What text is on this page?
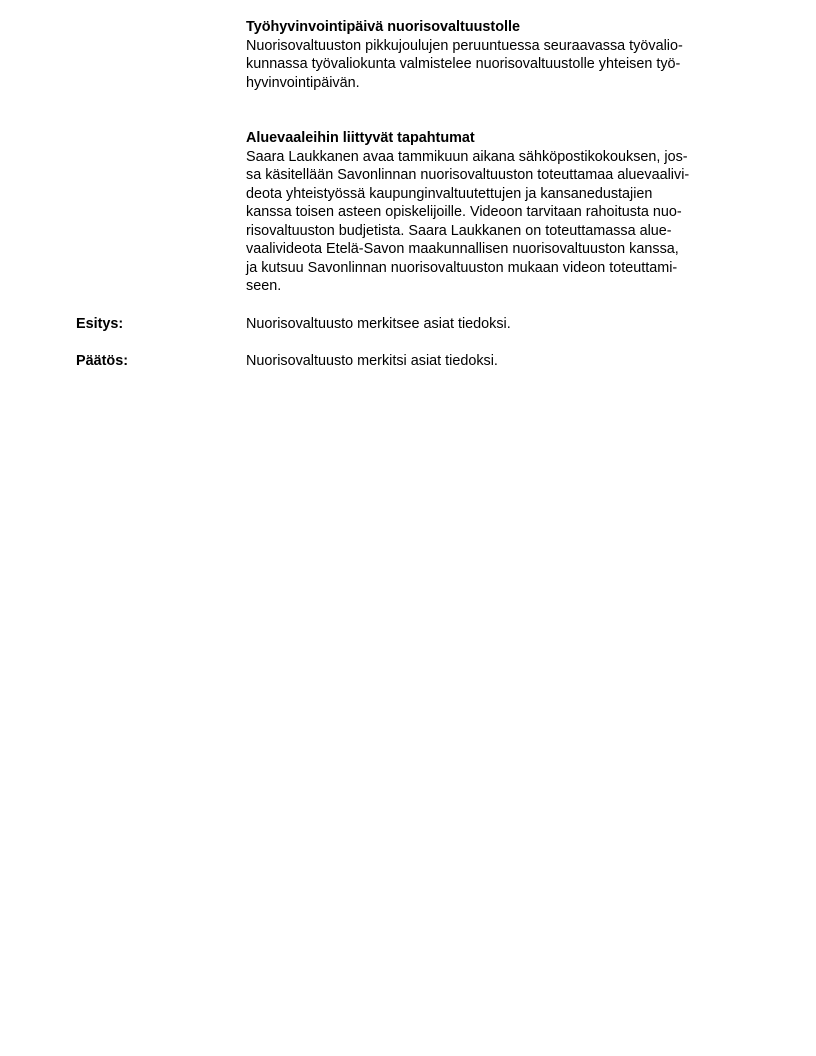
Työhyvinvointipäivä nuorisovaltuustolle
Nuorisovaltuuston pikkujoulujen peruuntuessa seuraavassa työvalio-
kunnassa työvaliokunta valmistelee nuorisovaltuustolle yhteisen työ-
hyvinvointipäivän.
Aluevaaleihin liittyvät tapahtumat
Saara Laukkanen avaa tammikuun aikana sähköpostikokouksen, jos-
sa käsitellään Savonlinnan nuorisovaltuuston toteuttamaa aluevaalivi-
deota yhteistyössä kaupunginvaltuutettujen ja kansanedustajien
kanssa toisen asteen opiskelijoille. Videoon tarvitaan rahoitusta nuo-
risovaltuuston budjetista. Saara Laukkanen on toteuttamassa alue-
vaalivideota Etelä-Savon maakunnallisen nuorisovaltuuston kanssa,
ja kutsuu Savonlinnan nuorisovaltuuston mukaan videon toteuttami-
seen.
Esitys:	Nuorisovaltuusto merkitsee asiat tiedoksi.
Päätös:	Nuorisovaltuusto merkitsi asiat tiedoksi.
